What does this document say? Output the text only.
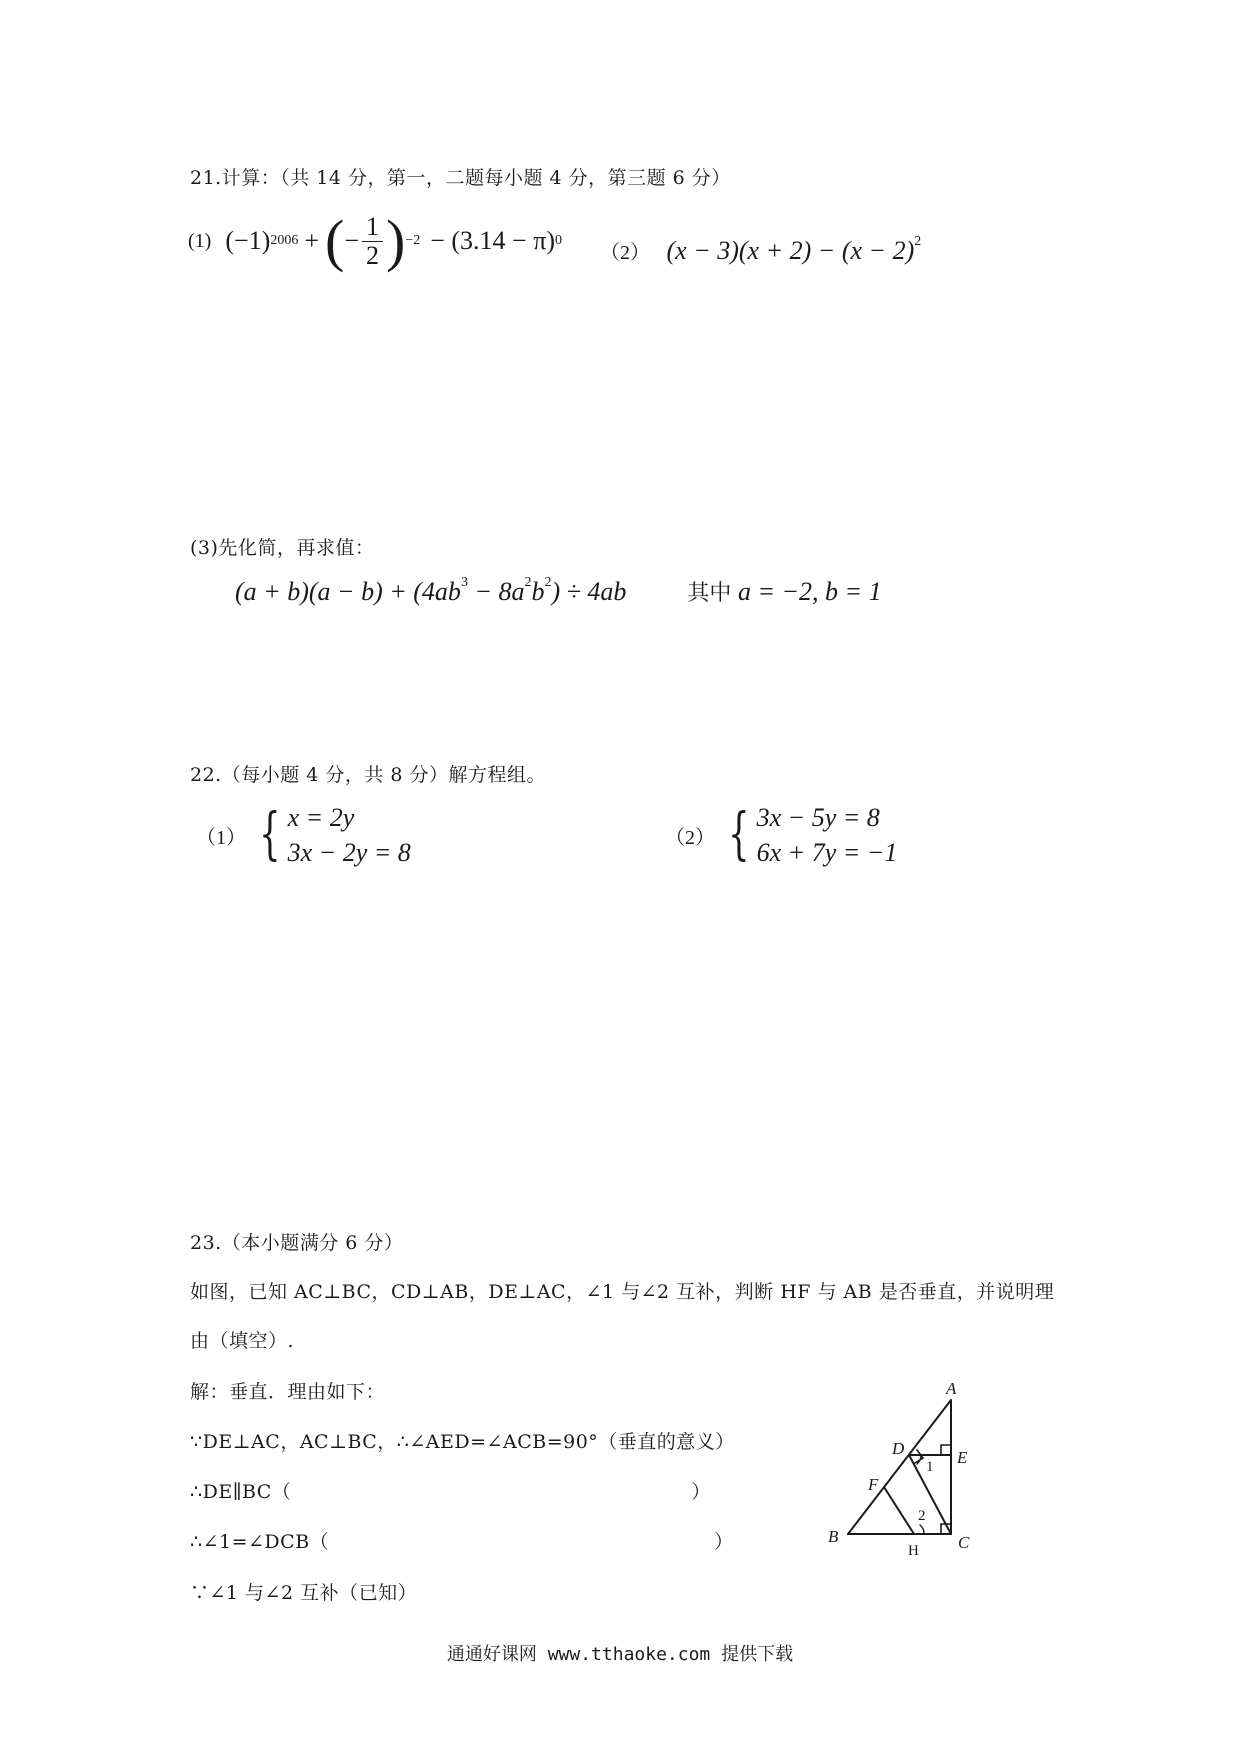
21.计算：（共 14 分，第一，二题每小题 4 分，第三题 6 分）
(1) (−1) 2006 + ( − $\frac{1}{2}$ ) −2 − (3.14 − π) 0
（2） $(x - 3)(x + 2) - (x - 2)^2$
(3)先化简，再求值：
$(a + b)(a - b) + (4ab^3 - 8a^2b^2) \div 4ab$	其中 a = −2, b = 1
22.（每小题 4 分，共 8 分）解方程组。
（1） { x = 2y
3x − 2y = 8
（2） { 3x − 5y = 8
6x + 7y = −1
23.（本小题满分 6 分）
如图，已知 AC⊥BC，CD⊥AB，DE⊥AC，∠1 与∠2 互补，判断 HF 与 AB 是否垂直，并说明理
由（填空）.
解：垂直．理由如下：
∵DE⊥AC，AC⊥BC，∴∠AED=∠ACB=90°（垂直的意义）
∴DE∥BC（	）
∴∠1=∠DCB（	）
∵∠1 与∠2 互补（已知）
A
B	C
D	E
F
H
1
2
通通好课网 www.tthaoke.com 提供下载
